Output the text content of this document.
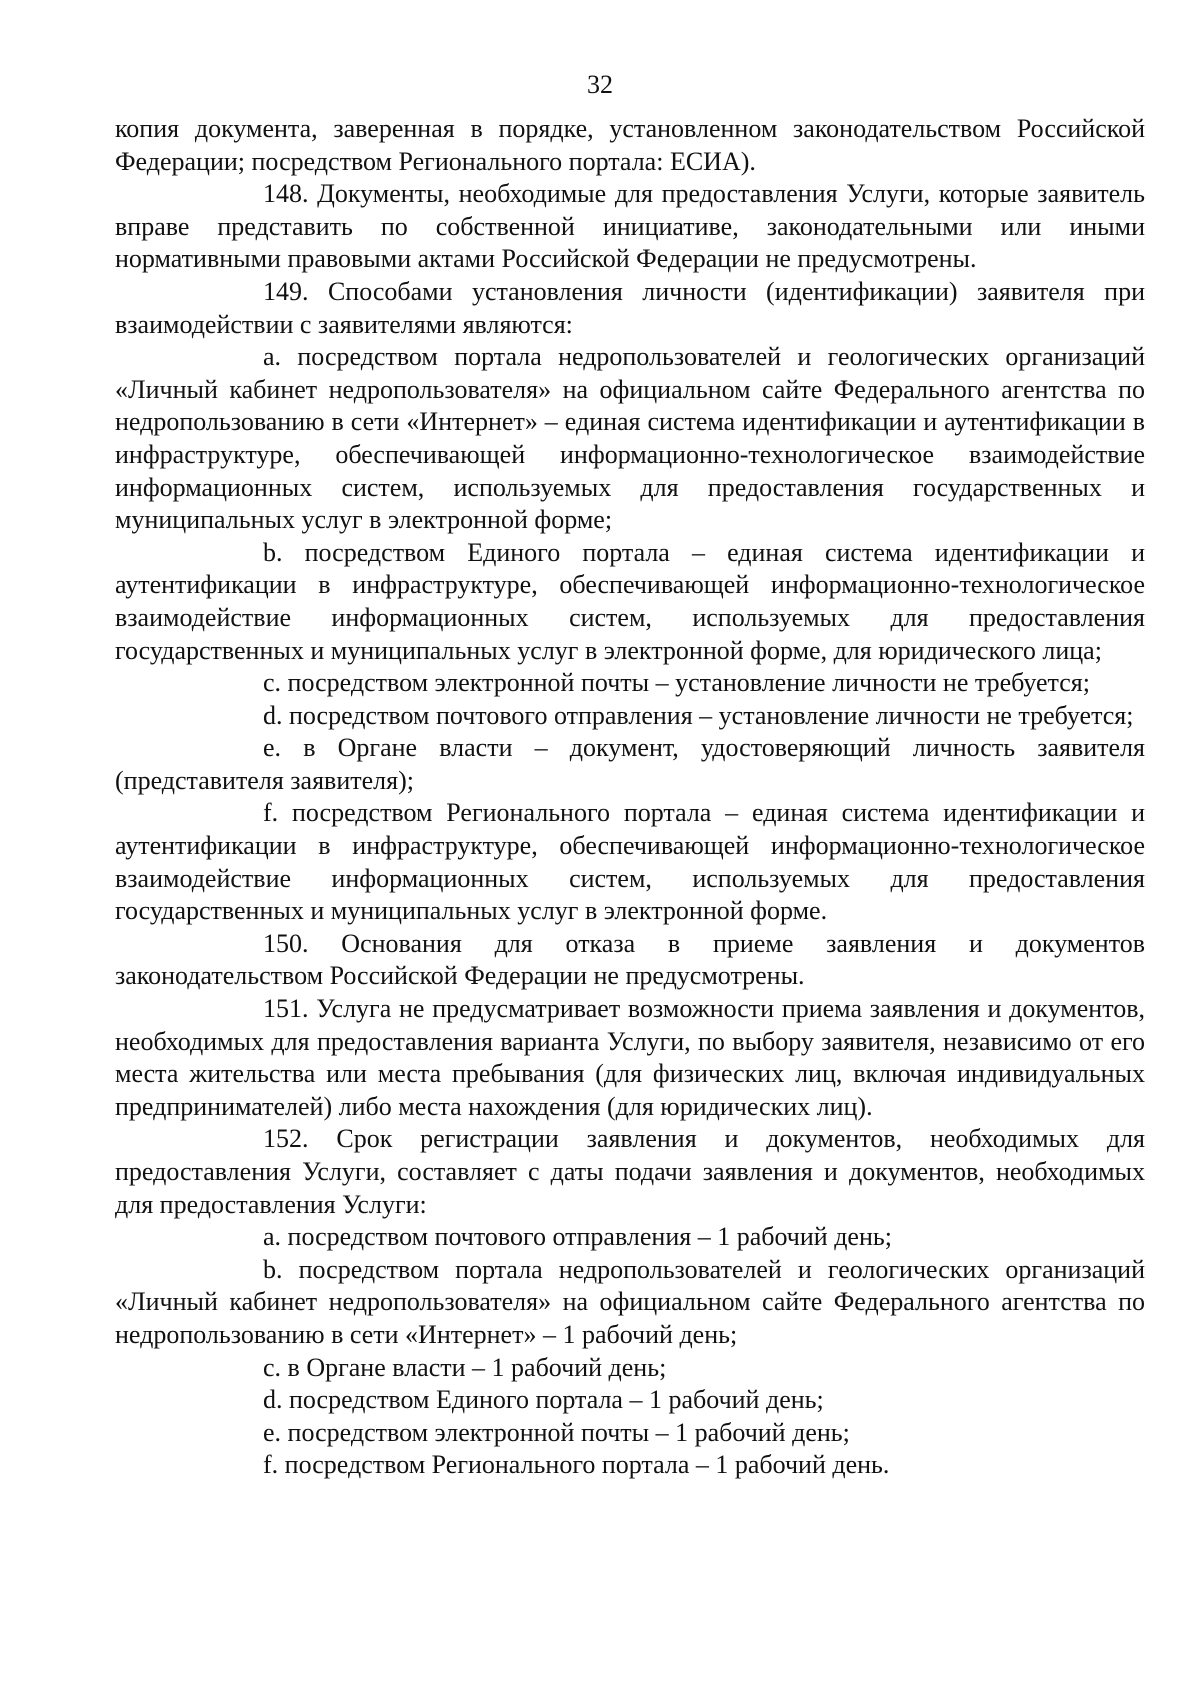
32

копия документа, заверенная в порядке, установленном законодательством Российской Федерации; посредством Регионального портала: ЕСИА).

148. Документы, необходимые для предоставления Услуги, которые заявитель вправе представить по собственной инициативе, законодательными или иными нормативными правовыми актами Российской Федерации не предусмотрены.

149. Способами установления личности (идентификации) заявителя при взаимодействии с заявителями являются:

a. посредством портала недропользователей и геологических организаций «Личный кабинет недропользователя» на официальном сайте Федерального агентства по недропользованию в сети «Интернет» – единая система идентификации и аутентификации в инфраструктуре, обеспечивающей информационно-технологическое взаимодействие информационных систем, используемых для предоставления государственных и муниципальных услуг в электронной форме;

b. посредством Единого портала – единая система идентификации и аутентификации в инфраструктуре, обеспечивающей информационно-технологическое взаимодействие информационных систем, используемых для предоставления государственных и муниципальных услуг в электронной форме, для юридического лица;

c. посредством электронной почты – установление личности не требуется;

d. посредством почтового отправления – установление личности не требуется;

e. в Органе власти – документ, удостоверяющий личность заявителя (представителя заявителя);

f. посредством Регионального портала – единая система идентификации и аутентификации в инфраструктуре, обеспечивающей информационно-технологическое взаимодействие информационных систем, используемых для предоставления государственных и муниципальных услуг в электронной форме.

150. Основания для отказа в приеме заявления и документов законодательством Российской Федерации не предусмотрены.

151. Услуга не предусматривает возможности приема заявления и документов, необходимых для предоставления варианта Услуги, по выбору заявителя, независимо от его места жительства или места пребывания (для физических лиц, включая индивидуальных предпринимателей) либо места нахождения (для юридических лиц).

152. Срок регистрации заявления и документов, необходимых для предоставления Услуги, составляет с даты подачи заявления и документов, необходимых для предоставления Услуги:

a. посредством почтового отправления – 1 рабочий день;

b. посредством портала недропользователей и геологических организаций «Личный кабинет недропользователя» на официальном сайте Федерального агентства по недропользованию в сети «Интернет» – 1 рабочий день;

c. в Органе власти – 1 рабочий день;

d. посредством Единого портала – 1 рабочий день;

e. посредством электронной почты – 1 рабочий день;

f. посредством Регионального портала – 1 рабочий день.
